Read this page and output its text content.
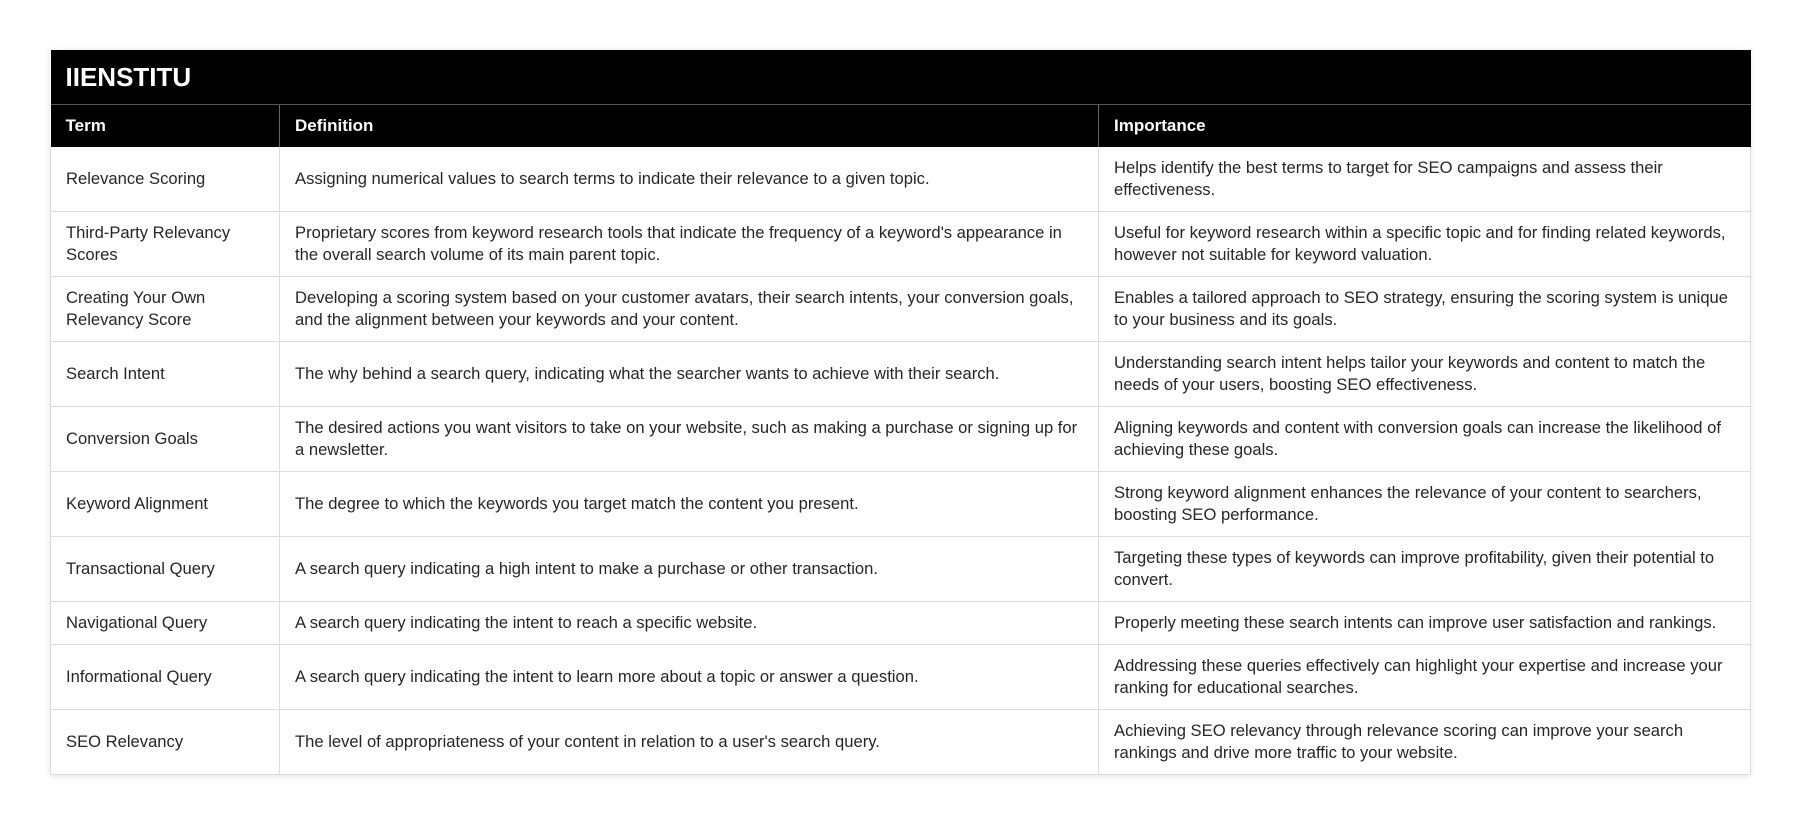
IIENSTITU		
Term	Definition	Importance
Relevance Scoring	Assigning numerical values to search terms to indicate their relevance to a given topic.	Helps identify the best terms to target for SEO campaigns and assess their effectiveness.
Third-Party Relevancy Scores	Proprietary scores from keyword research tools that indicate the frequency of a keyword's appearance in the overall search volume of its main parent topic.	Useful for keyword research within a specific topic and for finding related keywords, however not suitable for keyword valuation.
Creating Your Own Relevancy Score	Developing a scoring system based on your customer avatars, their search intents, your conversion goals, and the alignment between your keywords and your content.	Enables a tailored approach to SEO strategy, ensuring the scoring system is unique to your business and its goals.
Search Intent	The why behind a search query, indicating what the searcher wants to achieve with their search.	Understanding search intent helps tailor your keywords and content to match the needs of your users, boosting SEO effectiveness.
Conversion Goals	The desired actions you want visitors to take on your website, such as making a purchase or signing up for a newsletter.	Aligning keywords and content with conversion goals can increase the likelihood of achieving these goals.
Keyword Alignment	The degree to which the keywords you target match the content you present.	Strong keyword alignment enhances the relevance of your content to searchers, boosting SEO performance.
Transactional Query	A search query indicating a high intent to make a purchase or other transaction.	Targeting these types of keywords can improve profitability, given their potential to convert.
Navigational Query	A search query indicating the intent to reach a specific website.	Properly meeting these search intents can improve user satisfaction and rankings.
Informational Query	A search query indicating the intent to learn more about a topic or answer a question.	Addressing these queries effectively can highlight your expertise and increase your ranking for educational searches.
SEO Relevancy	The level of appropriateness of your content in relation to a user's search query.	Achieving SEO relevancy through relevance scoring can improve your search rankings and drive more traffic to your website.
